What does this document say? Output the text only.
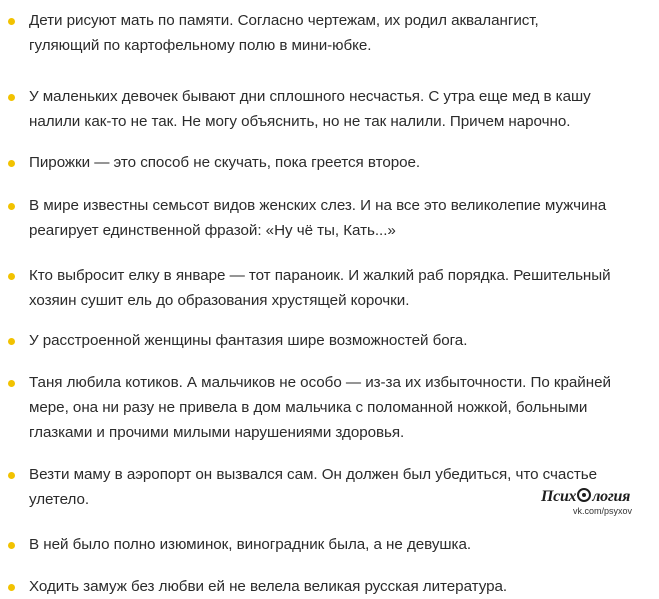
Дети рисуют мать по памяти. Согласно чертежам, их родил аквалангист,
гуляющий по картофельному полю в мини-юбке.
У маленьких девочек бывают дни сплошного несчастья. С утра еще мед в кашу
налили как-то не так. Не могу объяснить, но не так налили. Причем нарочно.
Пирожки — это способ не скучать, пока греется второе.
В мире известны семьсот видов женских слез. И на все это великолепие мужчина
реагирует единственной фразой: «Ну чё ты, Кать...»
Кто выбросит елку в январе — тот параноик. И жалкий раб порядка. Решительный
хозяин сушит ель до образования хрустящей корочки.
У расстроенной женщины фантазия шире возможностей бога.
Таня любила котиков. А мальчиков не особо — из-за их избыточности. По крайней
мере, она ни разу не привела в дом мальчика с поломанной ножкой, больными
глазками и прочими милыми нарушениями здоровья.
Везти маму в аэропорт он вызвался сам. Он должен был убедиться, что счастье
улетело.
В ней было полно изюминок, виноградник была, а не девушка.
Ходить замуж без любви ей не велела великая русская литература.
Псих логия
vk.com/psyxov
